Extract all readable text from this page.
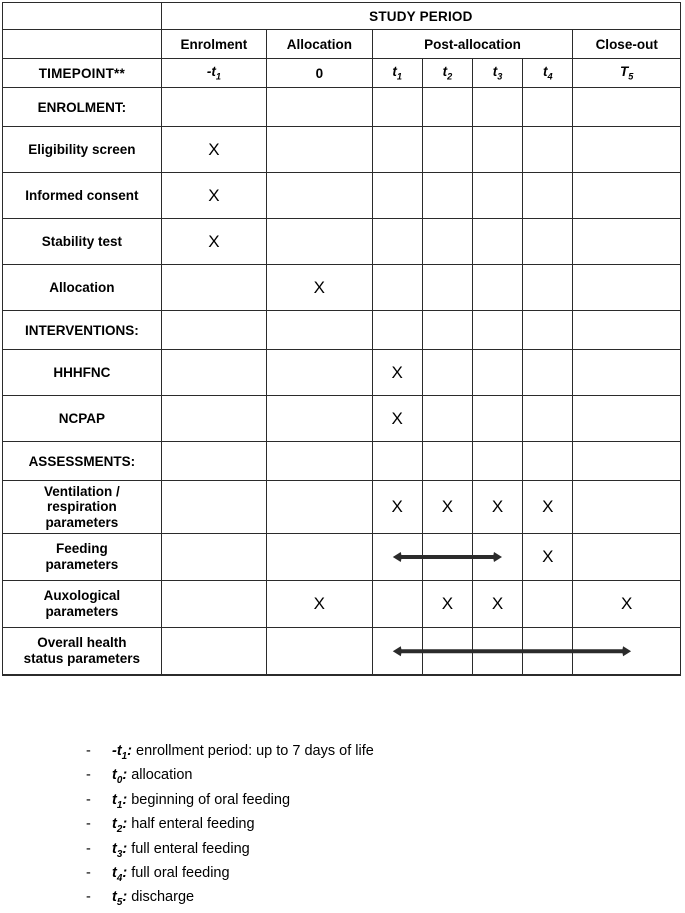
	STUDY PERIOD						
	Enrolment	Allocation	Post-allocation				Close-out
TIMEPOINT**	$-t_1$	0	$t_1$	$t_2$	$t_3$	$t_4$	$T_5$
ENROLMENT:							
Eligibility screen	X						
Informed consent	X						
Stability test	X						
Allocation		X					
INTERVENTIONS:							
HHHFNC			X				
NCPAP			X				
ASSESSMENTS:							
Ventilation /
respiration
parameters			X	X	X	X	
Feeding
parameters						X	
Auxological
parameters		X		X	X		X
Overall health
status parameters							
-	$-t_1$: enrollment period: up to 7 days of life
-	$t_0$: allocation
-	$t_1$: beginning of oral feeding
-	$t_2$: half enteral feeding
-	$t_3$: full enteral feeding
-	$t_4$: full oral feeding
-	$t_5$: discharge
